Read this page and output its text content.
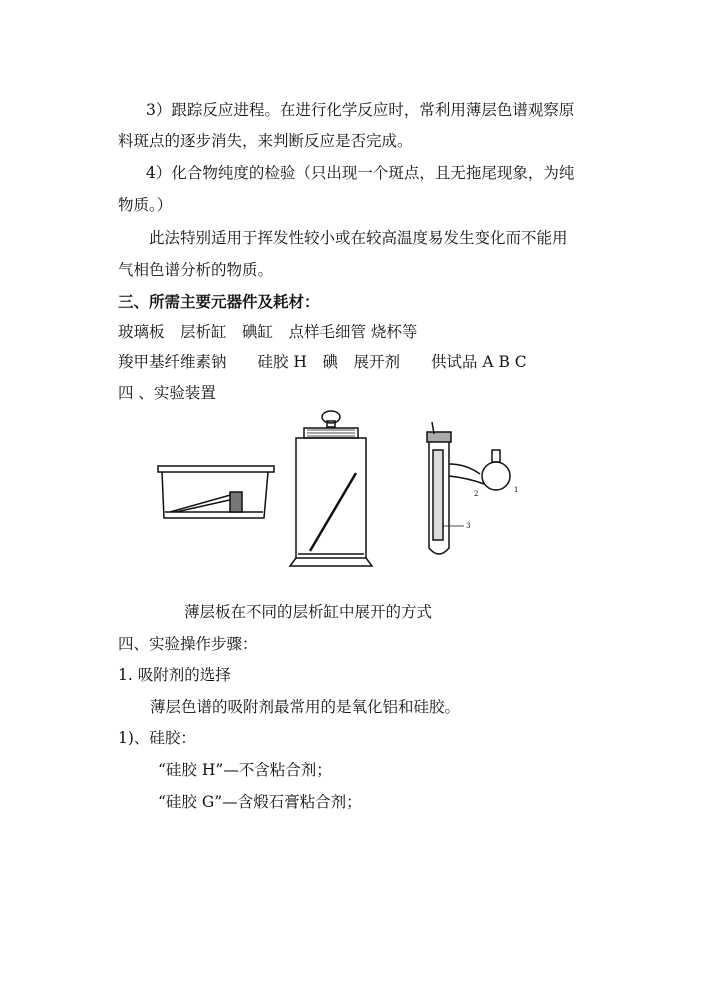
3）跟踪反应进程。在进行化学反应时，常利用薄层色谱观察原
料斑点的逐步消失，来判断反应是否完成。
4）化合物纯度的检验（只出现一个斑点，且无拖尾现象，为纯
物质。）
此法特别适用于挥发性较小或在较高温度易发生变化而不能用
气相色谱分析的物质。
三、所需主要元器件及耗材：
玻璃板　层析缸　碘缸　点样毛细管 烧杯等
羧甲基纤维素钠　　硅胶 H　碘　展开剂　　供试品 A B C
四 、实验装置
1
2
3
薄层板在不同的层析缸中展开的方式
四、实验操作步骤：
1. 吸附剂的选择
薄层色谱的吸附剂最常用的是氧化铝和硅胶。
1)、硅胶：
“硅胶 H”—不含粘合剂；
“硅胶 G”—含煅石膏粘合剂；
